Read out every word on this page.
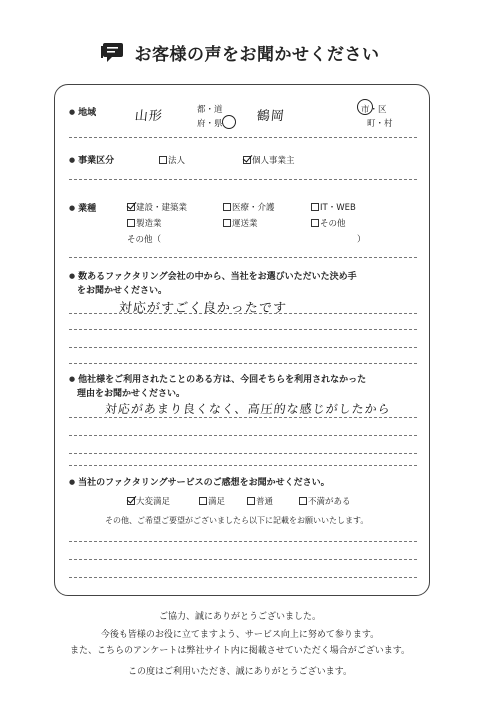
お客様の声をお聞かせください
● 地域	山形	都・道
府・県	鶴岡	市・区
町・村
● 事業区分	法人	個人事業主
● 業種	建設・建築業	医療・介護	IT・WEB
製造業	運送業	その他
その他（	）
● 数あるファクタリング会社の中から、当社をお選びいただいた決め手
をお聞かせください。
対応がすごく良かったです
● 他社様をご利用されたことのある方は、今回そちらを利用されなかった
理由をお聞かせください。
対応があまり良くなく、高圧的な感じがしたから
● 当社のファクタリングサービスのご感想をお聞かせください。
大変満足	満足	普通	不満がある
その他、ご希望ご要望がございましたら以下に記載をお願いいたします。
ご協力、誠にありがとうございました。
今後も皆様のお役に立てますよう、サービス向上に努めて参ります。
また、こちらのアンケートは弊社サイト内に掲載させていただく場合がございます。
この度はご利用いただき、誠にありがとうございます。
